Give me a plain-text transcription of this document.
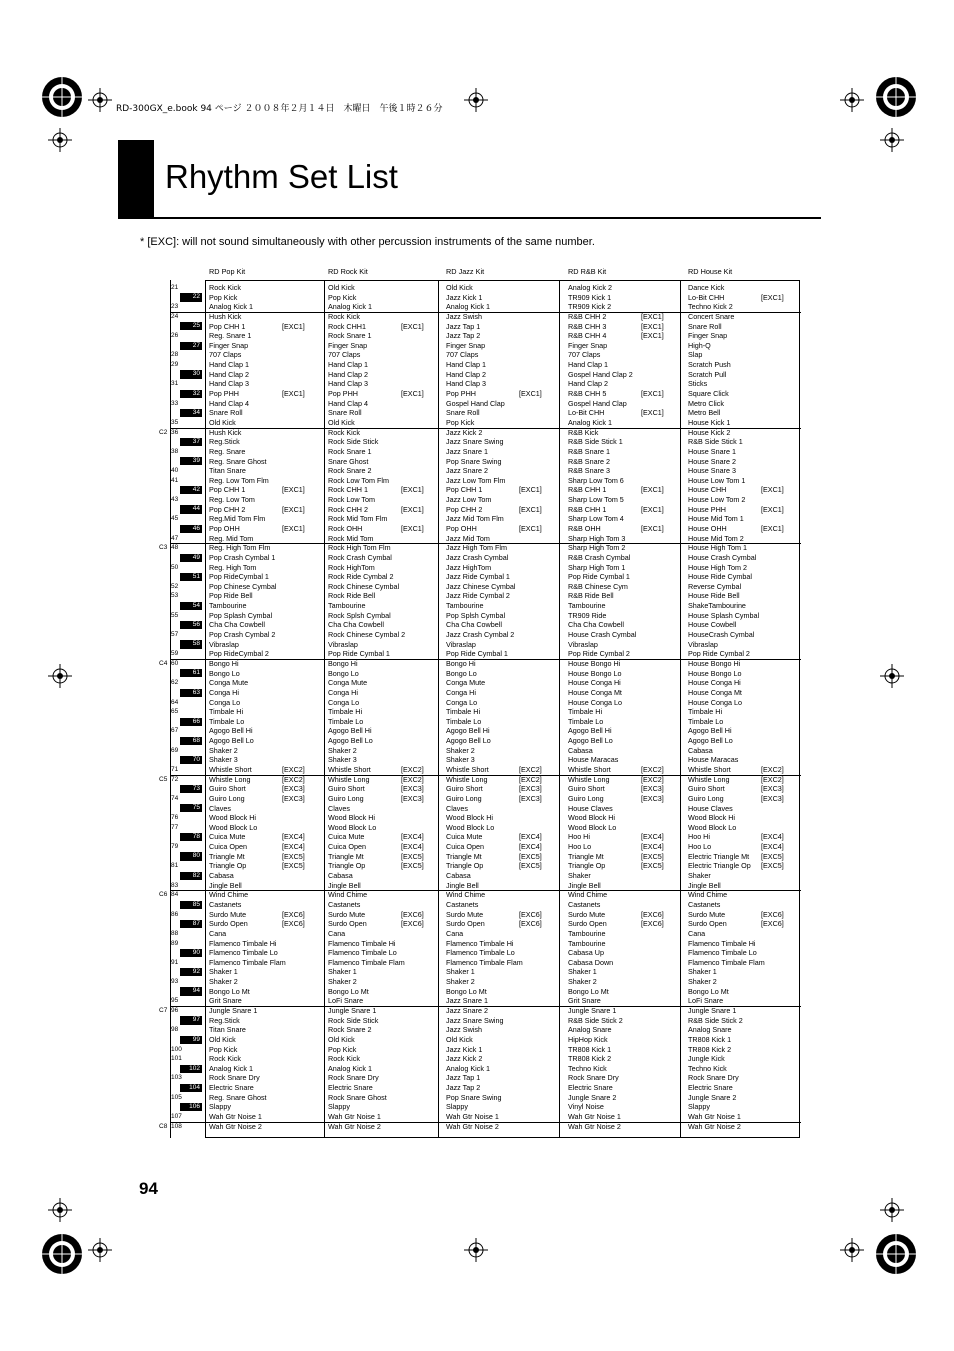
RD-300GX_e.book 94 ページ ２００８年２月１４日　木曜日　午後１時２６分
Rhythm Set List
* [EXC]: will not sound simultaneously with other percussion instruments of the same number.
RD Pop Kit	RD Rock Kit	RD Jazz Kit	RD R&B Kit	RD House Kit
21	Rock Kick	Old Kick	Old Kick	Analog Kick 2	Dance Kick
22 Pop Kick	Pop Kick	Jazz Kick 1	TR909 Kick 1	Lo-Bit CHH	[EXC1]
23	Analog Kick 1	Analog Kick 1	Analog Kick 1	TR909 Kick 2	Techno Kick 2
24	Hush Kick	Rock Kick	Jazz Swish	R&B CHH 2	[EXC1]	Concert Snare
25 Pop CHH 1	[EXC1]	Rock CHH1	[EXC1]	Jazz Tap 1	R&B CHH 3	[EXC1]	Snare Roll
26	Reg. Snare 1	Rock Snare 1	Jazz Tap 2	R&B CHH 4	[EXC1]	Finger Snap
27 Finger Snap	Finger Snap	Finger Snap	Finger Snap	High-Q
28	707 Claps	707 Claps	707 Claps	707 Claps	Slap
29	Hand Clap 1	Hand Clap 1	Hand Clap 1	Hand Clap 1	Scratch Push
30 Hand Clap 2	Hand Clap 2	Hand Clap 2	Gospel Hand Clap 2	Scratch Pull
31	Hand Clap 3	Hand Clap 3	Hand Clap 3	Hand Clap 2	Sticks
32 Pop PHH	[EXC1]	Pop PHH	[EXC1]	Pop PHH	[EXC1]	R&B CHH 5	[EXC1]	Square Click
33	Hand Clap 4	Hand Clap 4	Gospel Hand Clap	Gospel Hand Clap	Metro Click
34 Snare Roll	Snare Roll	Snare Roll	Lo-Bit CHH	[EXC1]	Metro Bell
35	Old Kick	Old Kick	Pop Kick	Analog Kick 1	House Kick 1
36	Hush Kick	Rock Kick	Jazz Kick 2	R&B Kick	House Kick 2
37 Reg.Stick	Rock Side Stick	Jazz Snare Swing	R&B Side Stick 1	R&B Side Stick 1
38	Reg. Snare	Rock Snare 1	Jazz Snare 1	R&B Snare 1	House Snare 1
39 Reg. Snare Ghost	Snare Ghost	Pop Snare Swing	R&B Snare 2	House Snare 2
40	Titan Snare	Rock Snare 2	Jazz Snare 2	R&B Snare 3	House Snare 3
41	Reg. Low Tom Flm	Rock Low Tom Flm	Jazz Low Tom Flm	Sharp Low Tom 6	House Low Tom 1
42 Pop CHH 1	[EXC1]	Rock CHH 1	[EXC1]	Pop CHH 1	[EXC1]	R&B CHH 1	[EXC1]	House CHH	[EXC1]
43	Reg. Low Tom	Rock Low Tom	Jazz Low Tom	Sharp Low Tom 5	House Low Tom 2
44 Pop CHH 2	[EXC1]	Rock CHH 2	[EXC1]	Pop CHH 2	[EXC1]	R&B CHH 1	[EXC1]	House PHH	[EXC1]
45	Reg.Mid Tom Flm	Rock Mid Tom Flm	Jazz Mid Tom Flm	Sharp Low Tom 4	House Mid Tom 1
46 Pop OHH	[EXC1]	Rock OHH	[EXC1]	Pop OHH	[EXC1]	R&B OHH	[EXC1]	House OHH	[EXC1]
47	Reg. Mid Tom	Rock Mid Tom	Jazz Mid Tom	Sharp High Tom 3	House Mid Tom 2
48	Reg. High Tom Flm	Rock High Tom Flm	Jazz High Tom Flm	Sharp High Tom 2	House High Tom 1
49 Pop Crash Cymbal 1	Rock Crash Cymbal	Jazz Crash Cymbal	R&B Crash Cymbal	House Crash Cymbal
50	Reg. High Tom	Rock HighTom	Jazz HighTom	Sharp High Tom 1	House High Tom 2
51 Pop RideCymbal 1	Rock Ride Cymbal 2	Jazz Ride Cymbal 1	Pop Ride Cymbal 1	House Ride Cymbal
52	Pop Chinese Cymbal	Rock Chinese Cymbal	Jazz Chinese Cymbal	R&B Chinese Cym	Reverse Cymbal
53	Pop Ride Bell	Rock Ride Bell	Jazz Ride Cymbal 2	R&B Ride Bell	House Ride Bell
54 Tambourine	Tambourine	Tambourine	Tambourine	ShakeTambourine
55	Pop Splash Cymbal	Rock Splsh Cymbal	Pop Splsh Cymbal	TR909 Ride	House Splash Cymbal
56 Cha Cha Cowbell	Cha Cha Cowbell	Cha Cha Cowbell	Cha Cha Cowbell	House Cowbell
57	Pop Crash Cymbal 2	Rock Chinese Cymbal 2	Jazz Crash Cymbal 2	House Crash Cymbal	HouseCrash Cymbal
58 Vibraslap	Vibraslap	Vibraslap	Vibraslap	Vibraslap
59	Pop RideCymbal 2	Pop Ride Cymbal 1	Pop Ride Cymbal 1	Pop Ride Cymbal 2	Pop Ride Cymbal 2
60	Bongo Hi	Bongo Hi	Bongo Hi	House Bongo Hi	House Bongo Hi
61 Bongo Lo	Bongo Lo	Bongo Lo	House Bongo Lo	House Bongo Lo
62	Conga Mute	Conga Mute	Conga Mute	House Conga Hi	House Conga Hi
63 Conga Hi	Conga Hi	Conga Hi	House Conga Mt	House Conga Mt
64	Conga Lo	Conga Lo	Conga Lo	House Conga Lo	House Conga Lo
65	Timbale Hi	Timbale Hi	Timbale Hi	Timbale Hi	Timbale Hi
66 Timbale Lo	Timbale Lo	Timbale Lo	Timbale Lo	Timbale Lo
67	Agogo Bell Hi	Agogo Bell Hi	Agogo Bell Hi	Agogo Bell Hi	Agogo Bell Hi
68 Agogo Bell Lo	Agogo Bell Lo	Agogo Bell Lo	Agogo Bell Lo	Agogo Bell Lo
69	Shaker 2	Shaker 2	Shaker 2	Cabasa	Cabasa
70 Shaker 3	Shaker 3	Shaker 3	House Maracas	House Maracas
71	Whistle Short	[EXC2]	Whistle Short	[EXC2]	Whistle Short	[EXC2]	Whistle Short	[EXC2]	Whistle Short	[EXC2]
72	Whistle Long	[EXC2]	Whistle Long	[EXC2]	Whistle Long	[EXC2]	Whistle Long	[EXC2]	Whistle Long	[EXC2]
73 Guiro Short	[EXC3]	Guiro Short	[EXC3]	Guiro Short	[EXC3]	Guiro Short	[EXC3]	Guiro Short	[EXC3]
74	Guiro Long	[EXC3]	Guiro Long	[EXC3]	Guiro Long	[EXC3]	Guiro Long	[EXC3]	Guiro Long	[EXC3]
75 Claves	Claves	Claves	House Claves	House Claves
76	Wood Block Hi	Wood Block Hi	Wood Block Hi	Wood Block Hi	Wood Block Hi
77	Wood Block Lo	Wood Block Lo	Wood Block Lo	Wood Block Lo	Wood Block Lo
78 Cuica Mute	[EXC4]	Cuica Mute	[EXC4]	Cuica Mute	[EXC4]	Hoo Hi	[EXC4]	Hoo Hi	[EXC4]
79	Cuica Open	[EXC4]	Cuica Open	[EXC4]	Cuica Open	[EXC4]	Hoo Lo	[EXC4]	Hoo Lo	[EXC4]
80 Triangle Mt	[EXC5]	Triangle Mt	[EXC5]	Triangle Mt	[EXC5]	Triangle Mt	[EXC5]	Electric Triangle Mt [EXC5]
81	Triangle Op	[EXC5]	Triangle Op	[EXC5]	Triangle Op	[EXC5]	Triangle Op	[EXC5]	Electric Triangle Op [EXC5]
82 Cabasa	Cabasa	Cabasa	Shaker	Shaker
83	Jingle Bell	Jingle Bell	Jingle Bell	Jingle Bell	Jingle Bell
84	Wind Chime	Wind Chime	Wind Chime	Wind Chime	Wind Chime
85 Castanets	Castanets	Castanets	Castanets	Castanets
86	Surdo Mute	[EXC6]	Surdo Mute	[EXC6]	Surdo Mute	[EXC6]	Surdo Mute	[EXC6]	Surdo Mute	[EXC6]
87 Surdo Open	[EXC6]	Surdo Open	[EXC6]	Surdo Open	[EXC6]	Surdo Open	[EXC6]	Surdo Open	[EXC6]
88	Cana	Cana	Cana	Tambourine	Cana
89	Flamenco Timbale Hi	Flamenco Timbale Hi	Flamenco Timbale Hi	Tambourine	Flamenco Timbale Hi
90 Flamenco Timbale Lo	Flamenco Timbale Lo	Flamenco Timbale Lo	Cabasa Up	Flamenco Timbale Lo
91	Flamenco Timbale Flam	Flamenco Timbale Flam	Flamenco Timbale Flam	Cabasa Down	Flamenco Timbale Flam
92 Shaker 1	Shaker 1	Shaker 1	Shaker 1	Shaker 1
93	Shaker 2	Shaker 2	Shaker 2	Shaker 2	Shaker 2
94 Bongo Lo Mt	Bongo Lo Mt	Bongo Lo Mt	Bongo Lo Mt	Bongo Lo Mt
95	Grit Snare	LoFi Snare	Jazz Snare 1	Grit Snare	LoFi Snare
96	Jungle Snare 1	Jungle Snare 1	Jazz Snare 2	Jungle Snare 1	Jungle Snare 1
97 Reg.Stick	Rock Side Stick	Jazz Snare Swing	R&B Side Stick 2	R&B Side Stick 2
98	Titan Snare	Rock Snare 2	Jazz Swish	Analog Snare	Analog Snare
99 Old Kick	Old Kick	Old Kick	HipHop Kick	TR808 Kick 1
100	Pop Kick	Pop Kick	Jazz Kick 1	TR808 Kick 1	TR808 Kick 2
101	Rock Kick	Rock Kick	Jazz Kick 2	TR808 Kick 2	Jungle Kick
102 Analog Kick 1	Analog Kick 1	Analog Kick 1	Techno Kick	Techno Kick
103	Rock Snare Dry	Rock Snare Dry	Jazz Tap 1	Rock Snare Dry	Rock Snare Dry
104 Electric Snare	Electric Snare	Jazz Tap 2	Electric Snare	Electric Snare
105	Reg. Snare Ghost	Rock Snare Ghost	Pop Snare Swing	Jungle Snare 2	Jungle Snare 2
106 Slappy	Slappy	Slappy	Vinyl Noise	Slappy
107	Wah Gtr Noise 1	Wah Gtr Noise 1	Wah Gtr Noise 1	Wah Gtr Noise 1	Wah Gtr Noise 1
108	Wah Gtr Noise 2	Wah Gtr Noise 2	Wah Gtr Noise 2	Wah Gtr Noise 2	Wah Gtr Noise 2
C2
C3
C4
C5
C6
C7
C8
94
